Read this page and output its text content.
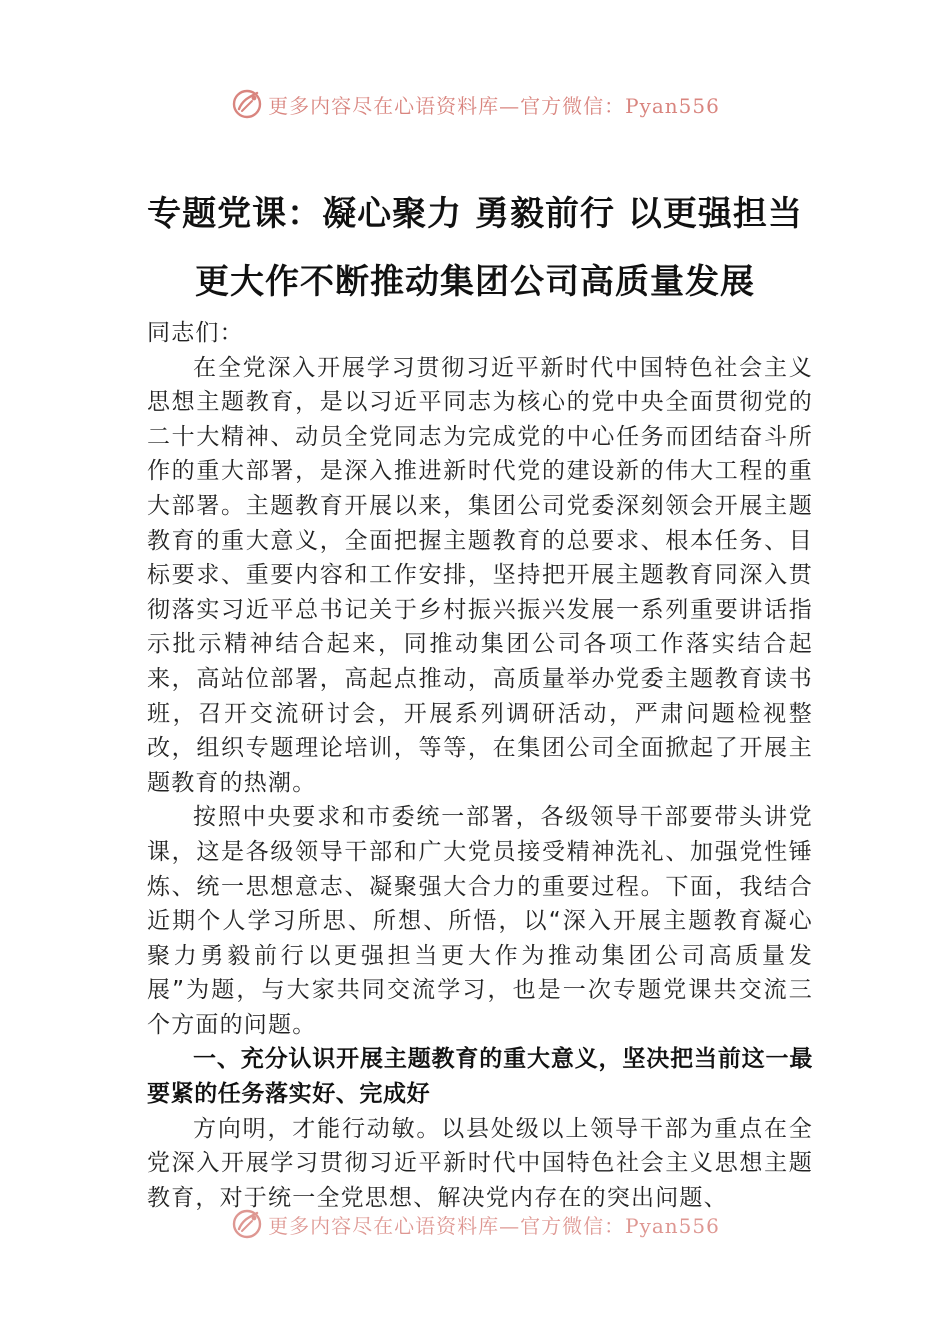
更多内容尽在心语资料库—官方微信：Pyan556
专题党课：凝心聚力 勇毅前行 以更强担当
更大作不断推动集团公司高质量发展

同志们：

在全党深入开展学习贯彻习近平新时代中国特色社会主义思想主题教育，是以习近平同志为核心的党中央全面贯彻党的二十大精神、动员全党同志为完成党的中心任务而团结奋斗所作的重大部署，是深入推进新时代党的建设新的伟大工程的重大部署。主题教育开展以来，集团公司党委深刻领会开展主题教育的重大意义，全面把握主题教育的总要求、根本任务、目标要求、重要内容和工作安排，坚持把开展主题教育同深入贯彻落实习近平总书记关于乡村振兴振兴发展一系列重要讲话指示批示精神结合起来，同推动集团公司各项工作落实结合起来，高站位部署，高起点推动，高质量举办党委主题教育读书班，召开交流研讨会，开展系列调研活动，严肃问题检视整改，组织专题理论培训，等等，在集团公司全面掀起了开展主题教育的热潮。

按照中央要求和市委统一部署，各级领导干部要带头讲党课，这是各级领导干部和广大党员接受精神洗礼、加强党性锤炼、统一思想意志、凝聚强大合力的重要过程。下面，我结合近期个人学习所思、所想、所悟，以“深入开展主题教育凝心聚力勇毅前行以更强担当更大作为推动集团公司高质量发展”为题，与大家共同交流学习，也是一次专题党课共交流三个方面的问题。

一、充分认识开展主题教育的重大意义，坚决把当前这一最要紧的任务落实好、完成好

方向明，才能行动敏。以县处级以上领导干部为重点在全党深入开展学习贯彻习近平新时代中国特色社会主义思想主题教育，对于统一全党思想、解决党内存在的突出问题、

更多内容尽在心语资料库—官方微信：Pyan556
